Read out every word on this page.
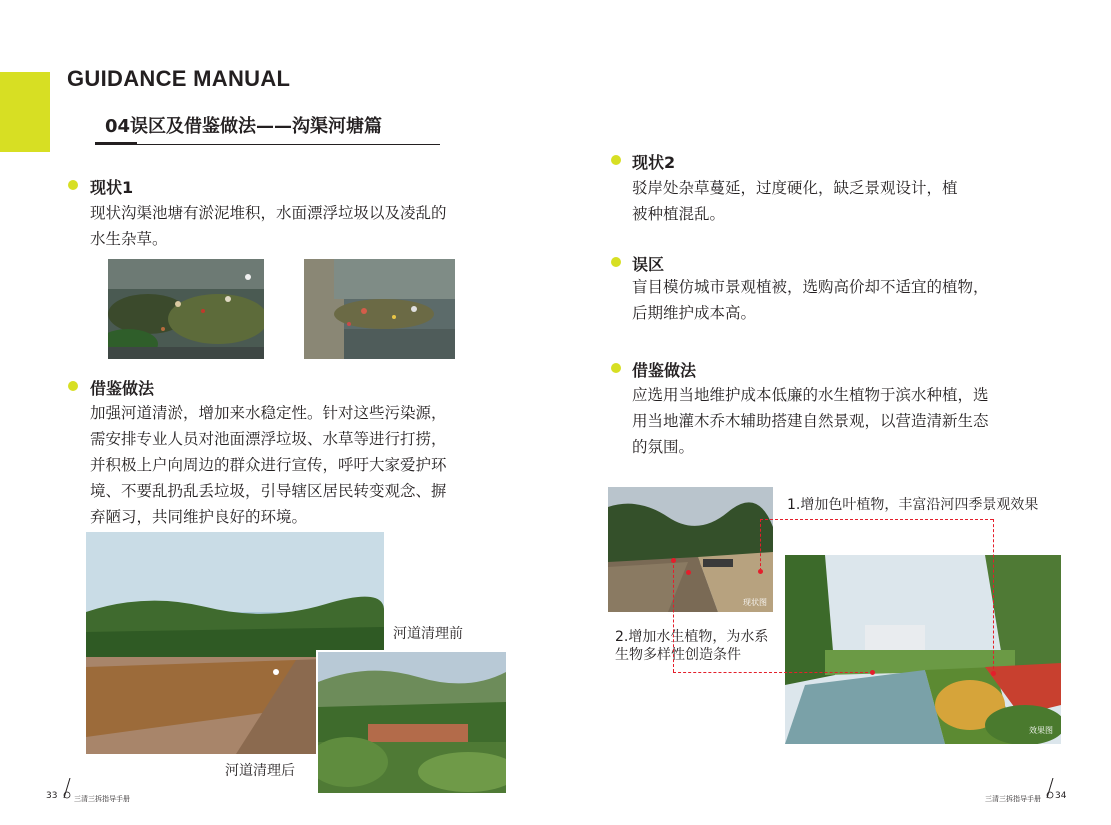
GUIDANCE MANUAL
04误区及借鉴做法——沟渠河塘篇
现状1
现状沟渠池塘有淤泥堆积，水面漂浮垃圾以及凌乱的
水生杂草。
借鉴做法
加强河道清淤，增加来水稳定性。针对这些污染源，
需安排专业人员对池面漂浮垃圾、水草等进行打捞，
并积极上户向周边的群众进行宣传，呼吁大家爱护环
境、不要乱扔乱丢垃圾，引导辖区居民转变观念、摒
弃陋习，共同维护良好的环境。
河道清理前
河道清理后
现状2
驳岸处杂草蔓延，过度硬化，缺乏景观设计，植
被种植混乱。
误区
盲目模仿城市景观植被，选购高价却不适宜的植物，
后期维护成本高。
借鉴做法
应选用当地维护成本低廉的水生植物于滨水种植，选
用当地灌木乔木辅助搭建自然景观，以营造清新生态
的氛围。
现状图
效果图
1.增加色叶植物，丰富沿河四季景观效果
2.增加水生植物，为水系
生物多样性创造条件
33 三清三拆指导手册	三清三拆指导手册 34
